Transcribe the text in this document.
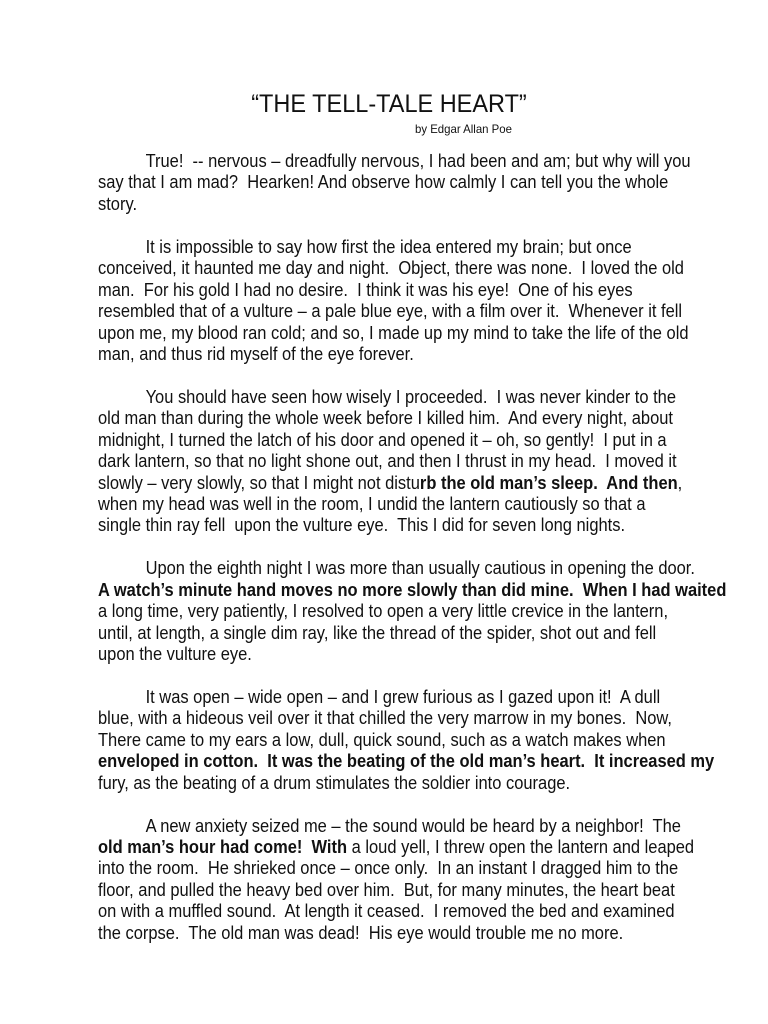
“THE TELL-TALE HEART”
by Edgar Allan Poe
True!  -- nervous – dreadfully nervous, I had been and am; but why will you
say that I am mad?  Hearken! And observe how calmly I can tell you the whole
story.
It is impossible to say how first the idea entered my brain; but once
conceived, it haunted me day and night.  Object, there was none.  I loved the old
man.  For his gold I had no desire.  I think it was his eye!  One of his eyes
resembled that of a vulture – a pale blue eye, with a film over it.  Whenever it fell
upon me, my blood ran cold; and so, I made up my mind to take the life of the old
man, and thus rid myself of the eye forever.
You should have seen how wisely I proceeded.  I was never kinder to the
old man than during the whole week before I killed him.  And every night, about
midnight, I turned the latch of his door and opened it – oh, so gently!  I put in a
dark lantern, so that no light shone out, and then I thrust in my head.  I moved it
slowly – very slowly, so that I might not disturb the old man’s sleep.  And then,
when my head was well in the room, I undid the lantern cautiously so that a
single thin ray fell  upon the vulture eye.  This I did for seven long nights.
Upon the eighth night I was more than usually cautious in opening the door.
A watch’s minute hand moves no more slowly than did mine.  When I had waited
a long time, very patiently, I resolved to open a very little crevice in the lantern,
until, at length, a single dim ray, like the thread of the spider, shot out and fell
upon the vulture eye.
It was open – wide open – and I grew furious as I gazed upon it!  A dull
blue, with a hideous veil over it that chilled the very marrow in my bones.  Now,
There came to my ears a low, dull, quick sound, such as a watch makes when
enveloped in cotton.  It was the beating of the old man’s heart.  It increased my
fury, as the beating of a drum stimulates the soldier into courage.
A new anxiety seized me – the sound would be heard by a neighbor!  The
old man’s hour had come!  With a loud yell, I threw open the lantern and leaped
into the room.  He shrieked once – once only.  In an instant I dragged him to the
floor, and pulled the heavy bed over him.  But, for many minutes, the heart beat
on with a muffled sound.  At length it ceased.  I removed the bed and examined
the corpse.  The old man was dead!  His eye would trouble me no more.
